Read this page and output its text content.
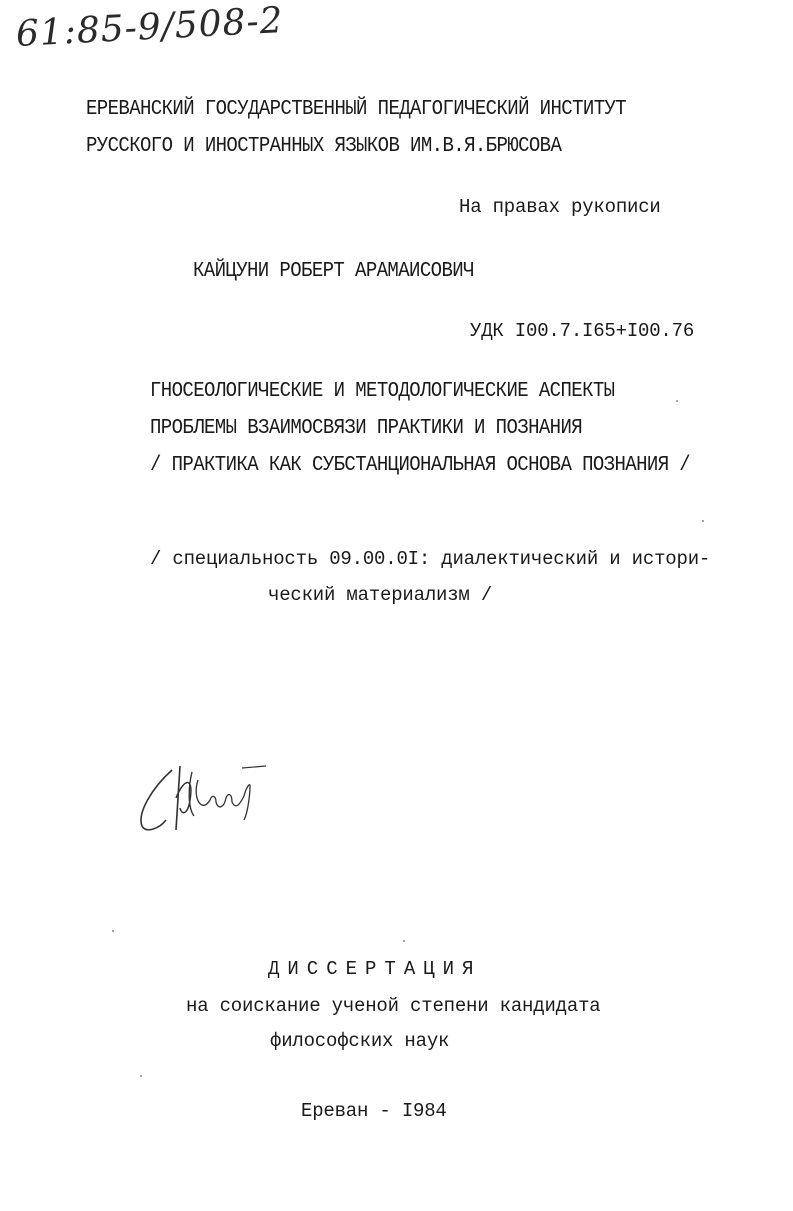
61:85-9/508-2
ЕРЕВАНСКИЙ ГОСУДАРСТВЕННЫЙ ПЕДАГОГИЧЕСКИЙ ИНСТИТУТ
РУССКОГО И ИНОСТРАННЫХ ЯЗЫКОВ ИМ.В.Я.БРЮСОВА
На правах рукописи
КАЙЦУНИ РОБЕРТ АРАМАИСОВИЧ
УДК I00.7.I65+I00.76
ГНОСЕОЛОГИЧЕСКИЕ И МЕТОДОЛОГИЧЕСКИЕ АСПЕКТЫ
ПРОБЛЕМЫ ВЗАИМОСВЯЗИ ПРАКТИКИ И ПОЗНАНИЯ
/ ПРАКТИКА КАК СУБСТАНЦИОНАЛЬНАЯ ОСНОВА ПОЗНАНИЯ /
/ специальность 09.00.0I: диалектический и истори-
ческий материализм /
ДИССЕРТАЦИЯ
на соискание ученой степени кандидата
философских наук
Ереван - I984
